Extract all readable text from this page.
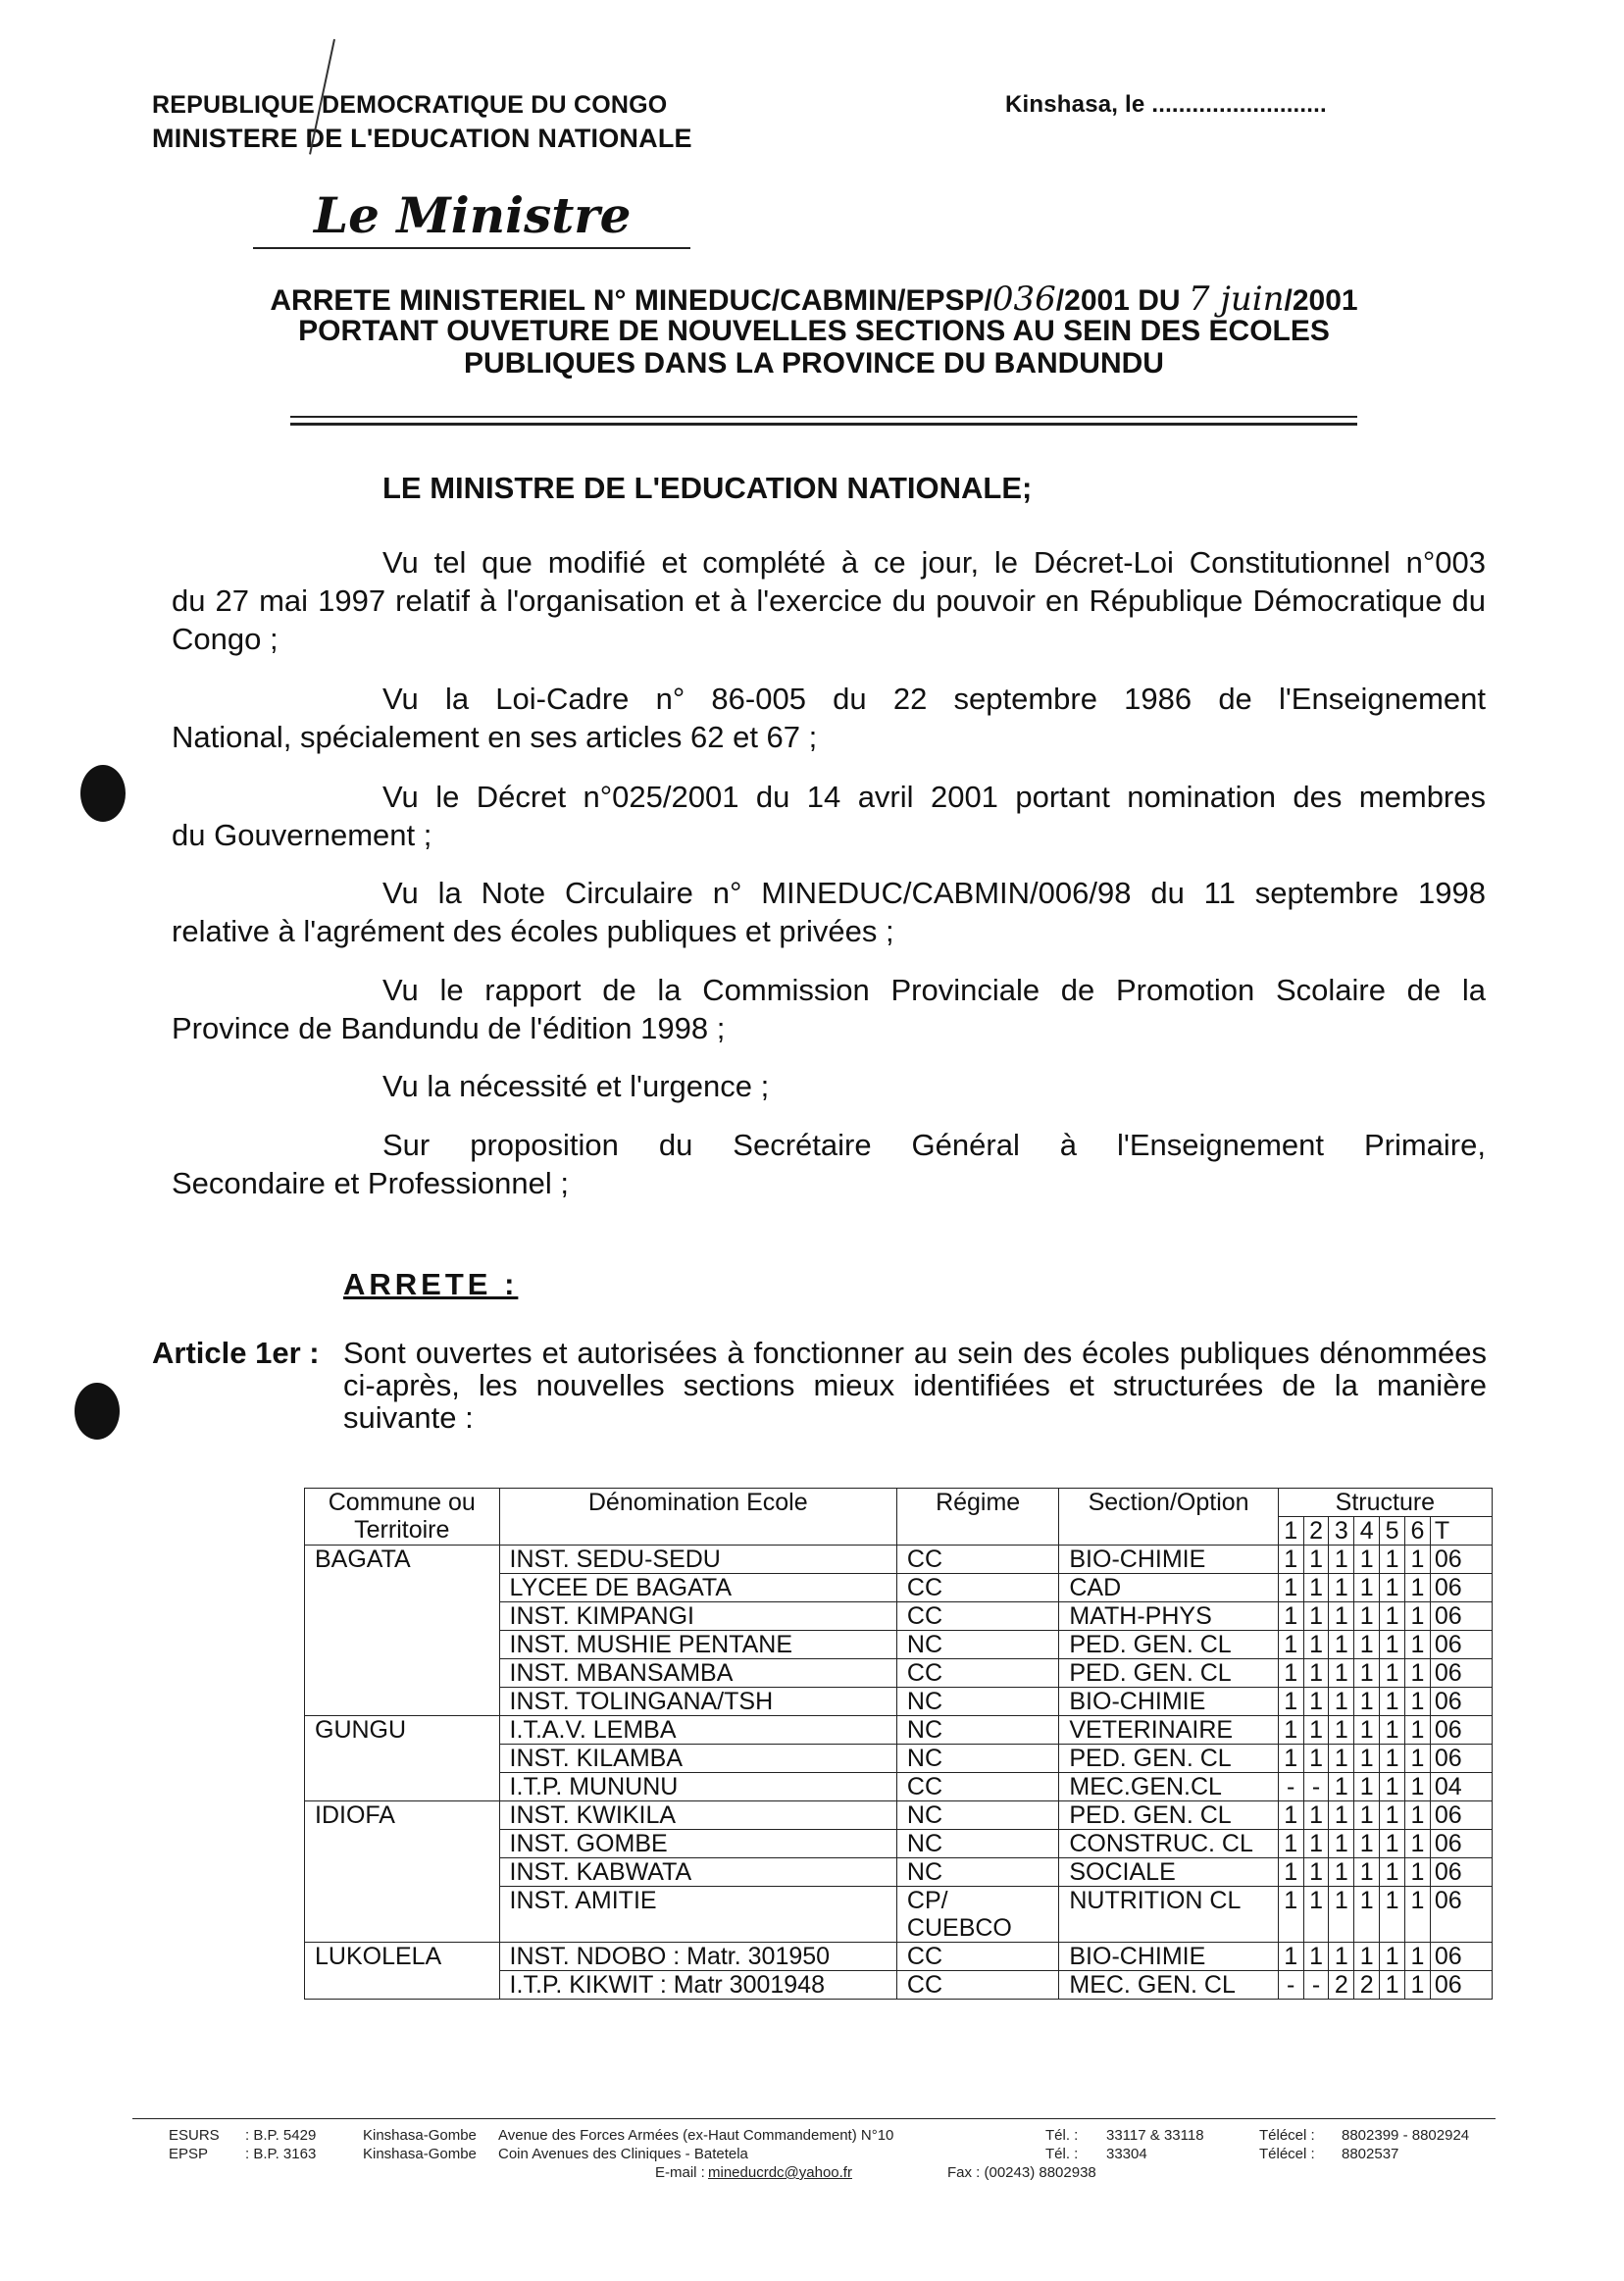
REPUBLIQUE DEMOCRATIQUE DU CONGO
MINISTERE DE L'EDUCATION NATIONALE
Kinshasa, le ..........................
Le Ministre
ARRETE MINISTERIEL N° MINEDUC/CABMIN/EPSP/036/2001 DU 7 juin/2001
PORTANT OUVETURE DE NOUVELLES SECTIONS AU SEIN DES ECOLES
PUBLIQUES DANS LA PROVINCE DU BANDUNDU
LE MINISTRE DE L'EDUCATION NATIONALE;
Vu tel que modifié et complété à ce jour, le Décret-Loi Constitutionnel n°003
du 27 mai 1997 relatif à l'organisation et à l'exercice du pouvoir en République Démocratique du Congo ;
Vu la Loi-Cadre n° 86-005 du 22 septembre 1986 de l'Enseignement
National, spécialement en ses articles 62 et 67 ;
Vu le Décret n°025/2001 du 14 avril 2001 portant nomination des membres
du Gouvernement ;
Vu la Note Circulaire n° MINEDUC/CABMIN/006/98 du 11 septembre 1998
relative à l'agrément des écoles publiques et privées ;
Vu le rapport de la Commission Provinciale de Promotion Scolaire de la
Province de Bandundu de l'édition 1998 ;
Vu la nécessité et l'urgence ;
Sur proposition du Secrétaire Général à l'Enseignement Primaire,
Secondaire et Professionnel ;
ARRETE :
Article 1er : Sont ouvertes et autorisées à fonctionner au sein des écoles publiques dénommées ci-après, les nouvelles sections mieux identifiées et structurées de la manière suivante :
Commune ou Territoire	Dénomination Ecole	Régime	Section/Option	Structure						
				1	2	3	4	5	6	T
BAGATA	INST. SEDU-SEDU	CC	BIO-CHIMIE	1	1	1	1	1	1	06
	LYCEE DE BAGATA	CC	CAD	1	1	1	1	1	1	06
	INST. KIMPANGI	CC	MATH-PHYS	1	1	1	1	1	1	06
	INST. MUSHIE PENTANE	NC	PED. GEN. CL	1	1	1	1	1	1	06
	INST. MBANSAMBA	CC	PED. GEN. CL	1	1	1	1	1	1	06
	INST. TOLINGANA/TSH	NC	BIO-CHIMIE	1	1	1	1	1	1	06
GUNGU	I.T.A.V. LEMBA	NC	VETERINAIRE	1	1	1	1	1	1	06
	INST. KILAMBA	NC	PED. GEN. CL	1	1	1	1	1	1	06
	I.T.P. MUNUNU	CC	MEC.GEN.CL	-	-	1	1	1	1	04
IDIOFA	INST. KWIKILA	NC	PED. GEN. CL	1	1	1	1	1	1	06
	INST. GOMBE	NC	CONSTRUC. CL	1	1	1	1	1	1	06
	INST. KABWATA	NC	SOCIALE	1	1	1	1	1	1	06
	INST. AMITIE	CP/ CUEBCO	NUTRITION CL	1	1	1	1	1	1	06
LUKOLELA	INST. NDOBO : Matr. 301950	CC	BIO-CHIMIE	1	1	1	1	1	1	06
	I.T.P. KIKWIT : Matr 3001948	CC	MEC. GEN. CL	-	-	2	2	1	1	06
ESURS : B.P. 5429	Kinshasa-Gombe Avenue des Forces Armées (ex-Haut Commandement) N°10	Tél. : 33117 & 33118	Télécel : 8802399 - 8802924
EPSP	: B.P. 3163	Kinshasa-Gombe Coin Avenues des Cliniques - Batetela	Tél. : 33304	Télécel : 8802537
E-mail : mineducrdc@yahoo.fr	Fax : (00243) 8802938
